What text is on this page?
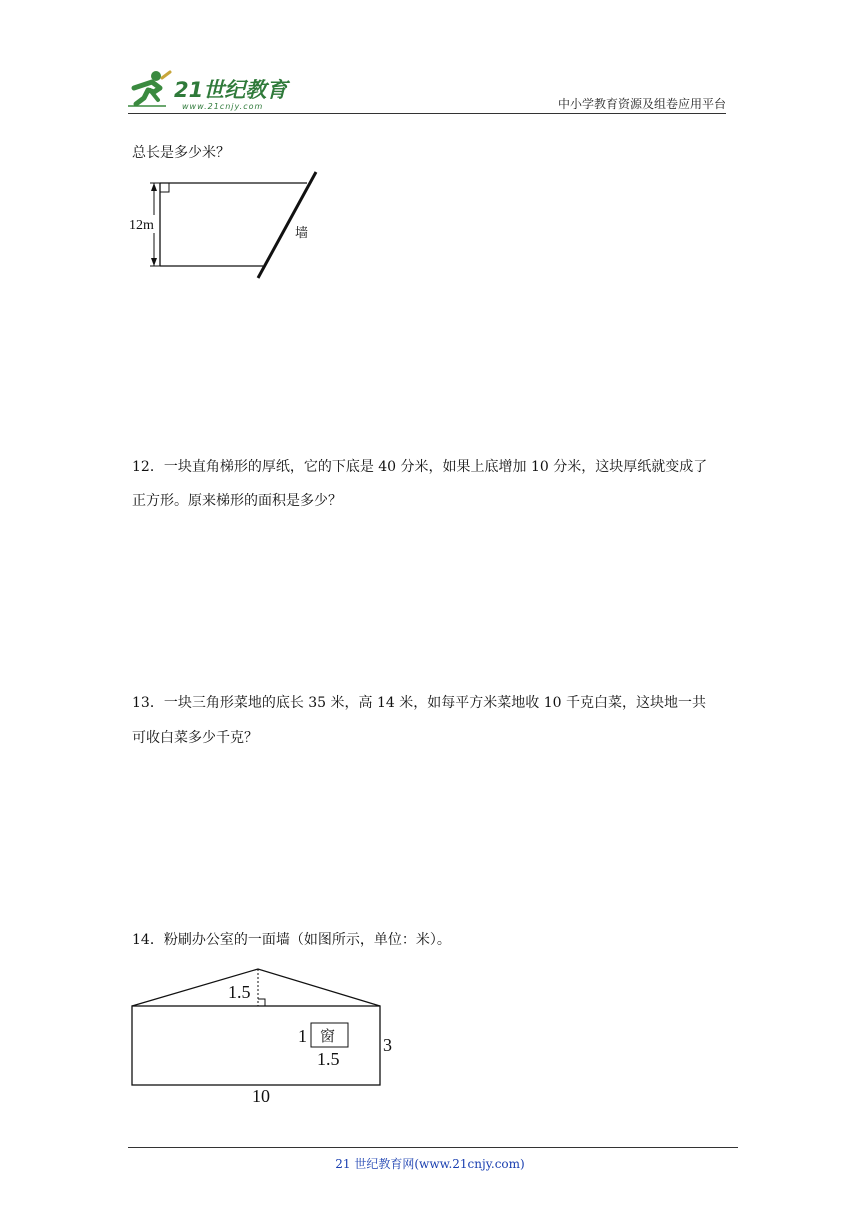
21世纪教育
www.21cnjy.com	中小学教育资源及组卷应用平台
总长是多少米？
12m	墙
12．一块直角梯形的厚纸，它的下底是 40 分米，如果上底增加 10 分米，这块厚纸就变成了
正方形。原来梯形的面积是多少？
13．一块三角形菜地的底长 35 米，高 14 米，如每平方米菜地收 10 千克白菜，这块地一共
可收白菜多少千克？
14．粉刷办公室的一面墙（如图所示，单位：米）。
窗
1.5
1
1.5
3
10
21 世纪教育网(www.21cnjy.com)
